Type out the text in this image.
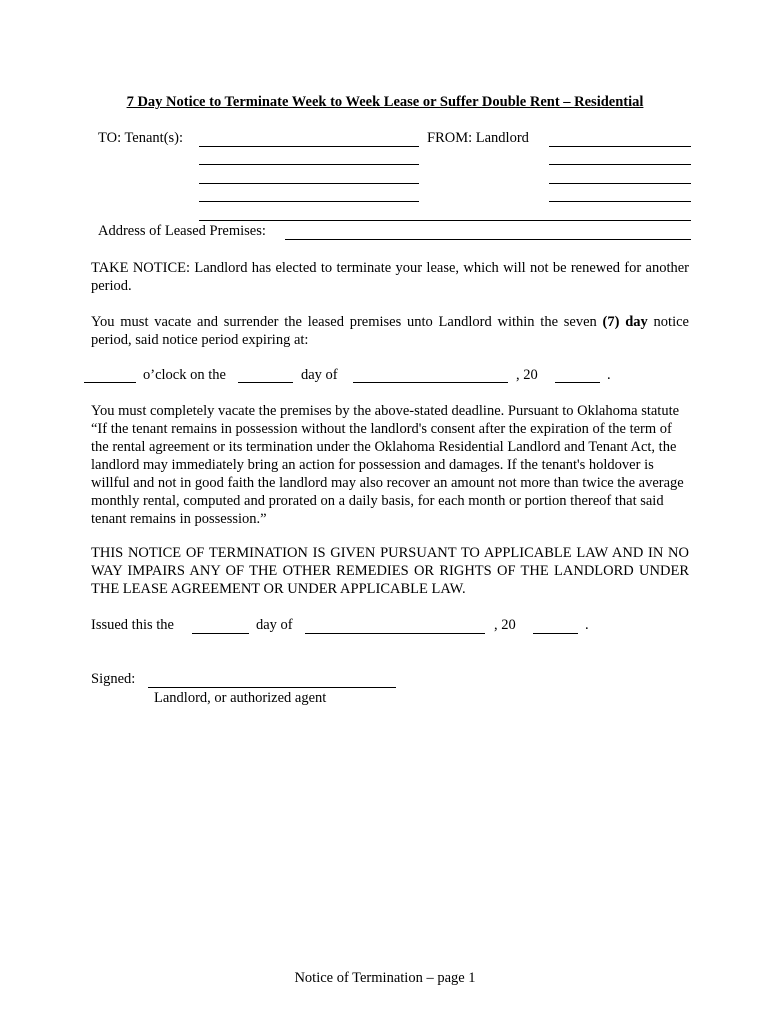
7 Day Notice to Terminate Week to Week Lease or Suffer Double Rent – Residential
TO: Tenant(s):	FROM: Landlord
Address of Leased Premises:
TAKE NOTICE: Landlord has elected to terminate your lease, which will not be renewed for another period.
You must vacate and surrender the leased premises unto Landlord within the seven (7) day notice period, said notice period expiring at:
o’clock on the	day of	, 20	.
You must completely vacate the premises by the above-stated deadline. Pursuant to Oklahoma statute “If the tenant remains in possession without the landlord's consent after the expiration of the term of the rental agreement or its termination under the Oklahoma Residential Landlord and Tenant Act, the landlord may immediately bring an action for possession and damages. If the tenant's holdover is willful and not in good faith the landlord may also recover an amount not more than twice the average monthly rental, computed and prorated on a daily basis, for each month or portion thereof that said tenant remains in possession.”
THIS NOTICE OF TERMINATION IS GIVEN PURSUANT TO APPLICABLE LAW AND IN NO WAY IMPAIRS ANY OF THE OTHER REMEDIES OR RIGHTS OF THE LANDLORD UNDER THE LEASE AGREEMENT OR UNDER APPLICABLE LAW.
Issued this the	day of	, 20	.
Signed:
Landlord, or authorized agent
Notice of Termination – page 1
